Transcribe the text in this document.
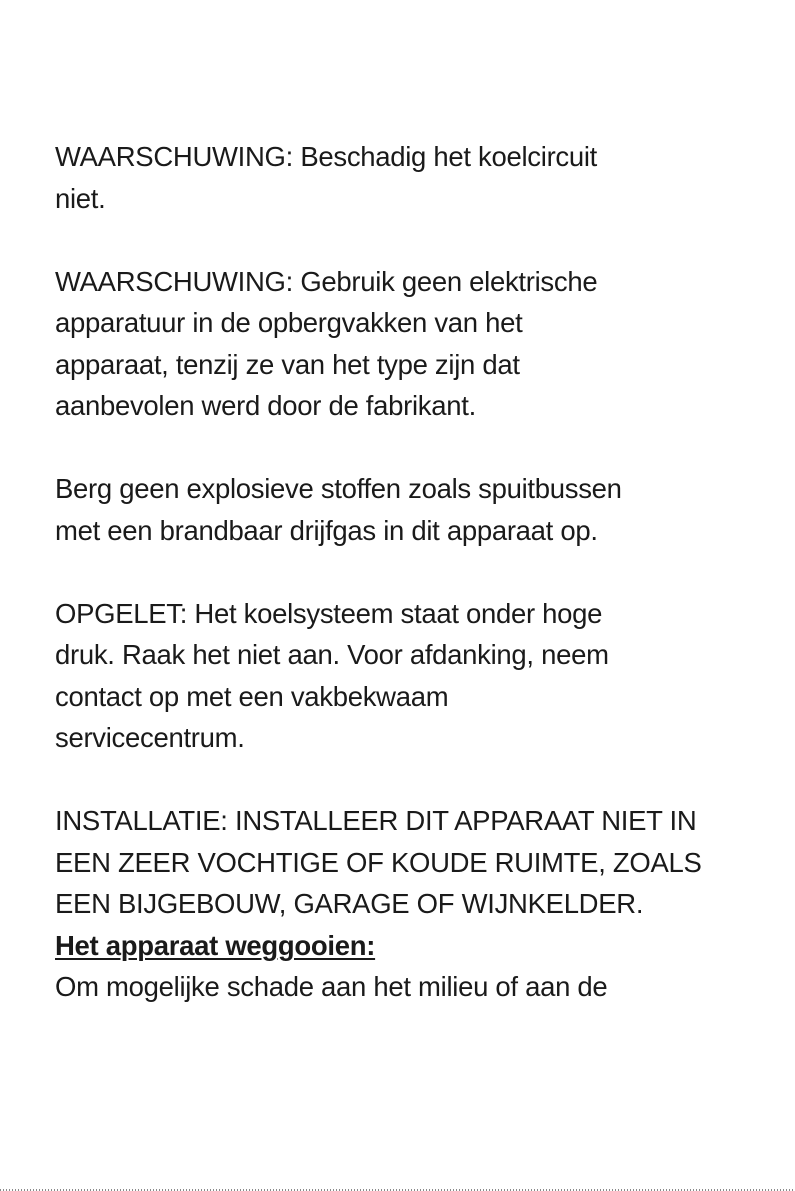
WAARSCHUWING: Beschadig het koelcircuit
niet.

WAARSCHUWING: Gebruik geen elektrische
apparatuur in de opbergvakken van het
apparaat, tenzij ze van het type zijn dat
aanbevolen werd door de fabrikant.

Berg geen explosieve stoffen zoals spuitbussen
met een brandbaar drijfgas in dit apparaat op.

OPGELET: Het koelsysteem staat onder hoge
druk. Raak het niet aan. Voor afdanking, neem
contact op met een vakbekwaam
servicecentrum.

INSTALLATIE: INSTALLEER DIT APPARAAT NIET IN
EEN ZEER VOCHTIGE OF KOUDE RUIMTE, ZOALS
EEN BIJGEBOUW, GARAGE OF WIJNKELDER.

Het apparaat weggooien:

Om mogelijke schade aan het milieu of aan de
